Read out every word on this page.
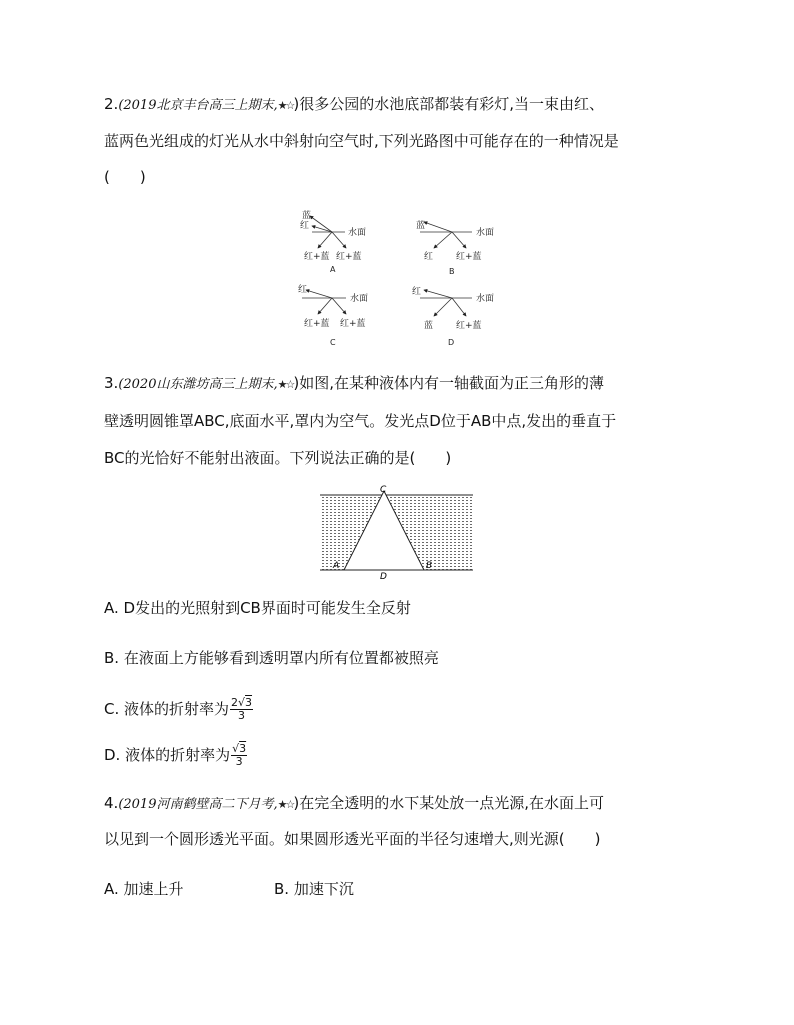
2.(2019北京丰台高三上期末,★☆)很多公园的水池底部都装有彩灯,当一束由红、
蓝两色光组成的灯光从水中斜射向空气时,下列光路图中可能存在的一种情况是
(　　)
蓝
红
水面
红+蓝 红+蓝
A
蓝
水面
红	红+蓝
B
红
水面
红+蓝 红+蓝
C
红
水面
蓝	红+蓝
D
3.(2020山东潍坊高三上期末,★☆)如图,在某种液体内有一轴截面为正三角形的薄
壁透明圆锥罩ABC,底面水平,罩内为空气。发光点D位于AB中点,发出的垂直于
BC的光恰好不能射出液面。下列说法正确的是(　　)
C
A	B
D
A. D发出的光照射到CB界面时可能发生全反射
B. 在液面上方能够看到透明罩内所有位置都被照亮
C. 液体的折射率为 $\frac{2√3}{3}$
D. 液体的折射率为 $\frac{√3}{3}$
4.(2019河南鹤壁高二下月考,★☆)在完全透明的水下某处放一点光源,在水面上可
以见到一个圆形透光平面。如果圆形透光平面的半径匀速增大,则光源(　　)
A. 加速上升	B. 加速下沉
